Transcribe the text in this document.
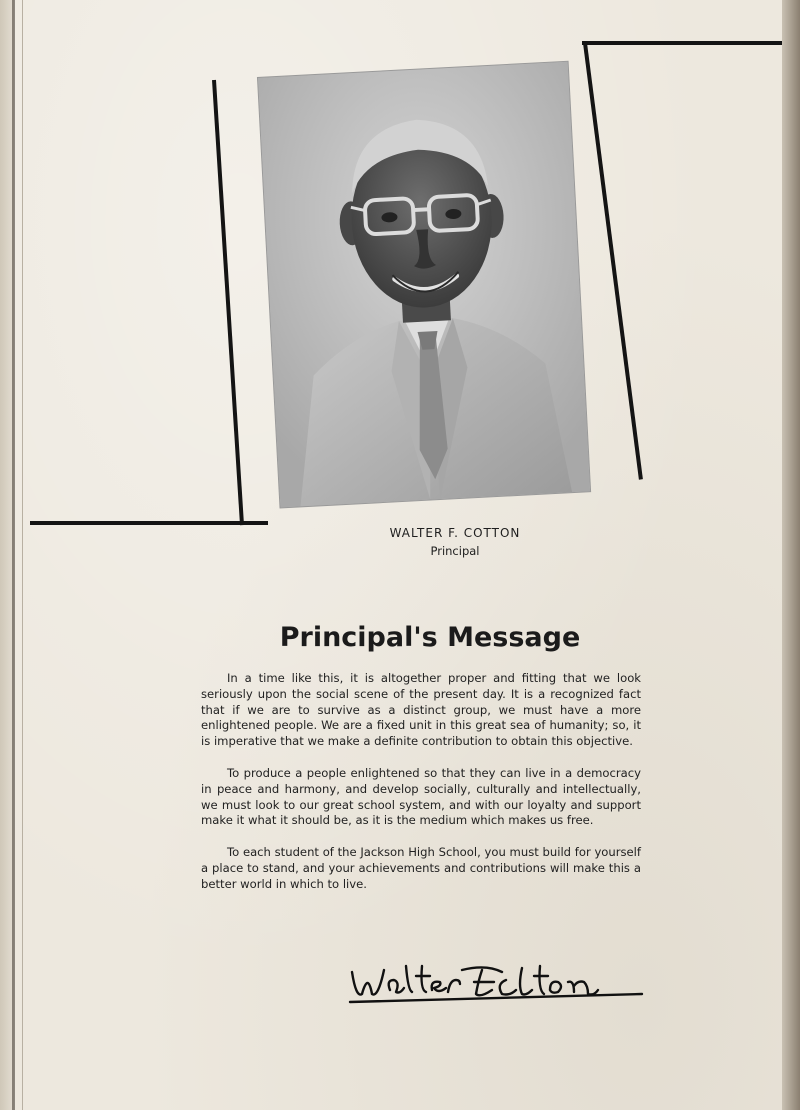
WALTER F. COTTON
Principal
Principal's Message

In a time like this, it is altogether proper and fitting that we look seriously upon the social scene of the present day. It is a recognized fact that if we are to survive as a distinct group, we must have a more enlightened people. We are a fixed unit in this great sea of humanity; so, it is imperative that we make a definite contribution to obtain this objective.

To produce a people enlightened so that they can live in a democracy in peace and harmony, and develop socially, culturally and intellectually, we must look to our great school system, and with our loyalty and support make it what it should be, as it is the medium which makes us free.

To each student of the Jackson High School, you must build for yourself a place to stand, and your achievements and contributions will make this a better world in which to live.
